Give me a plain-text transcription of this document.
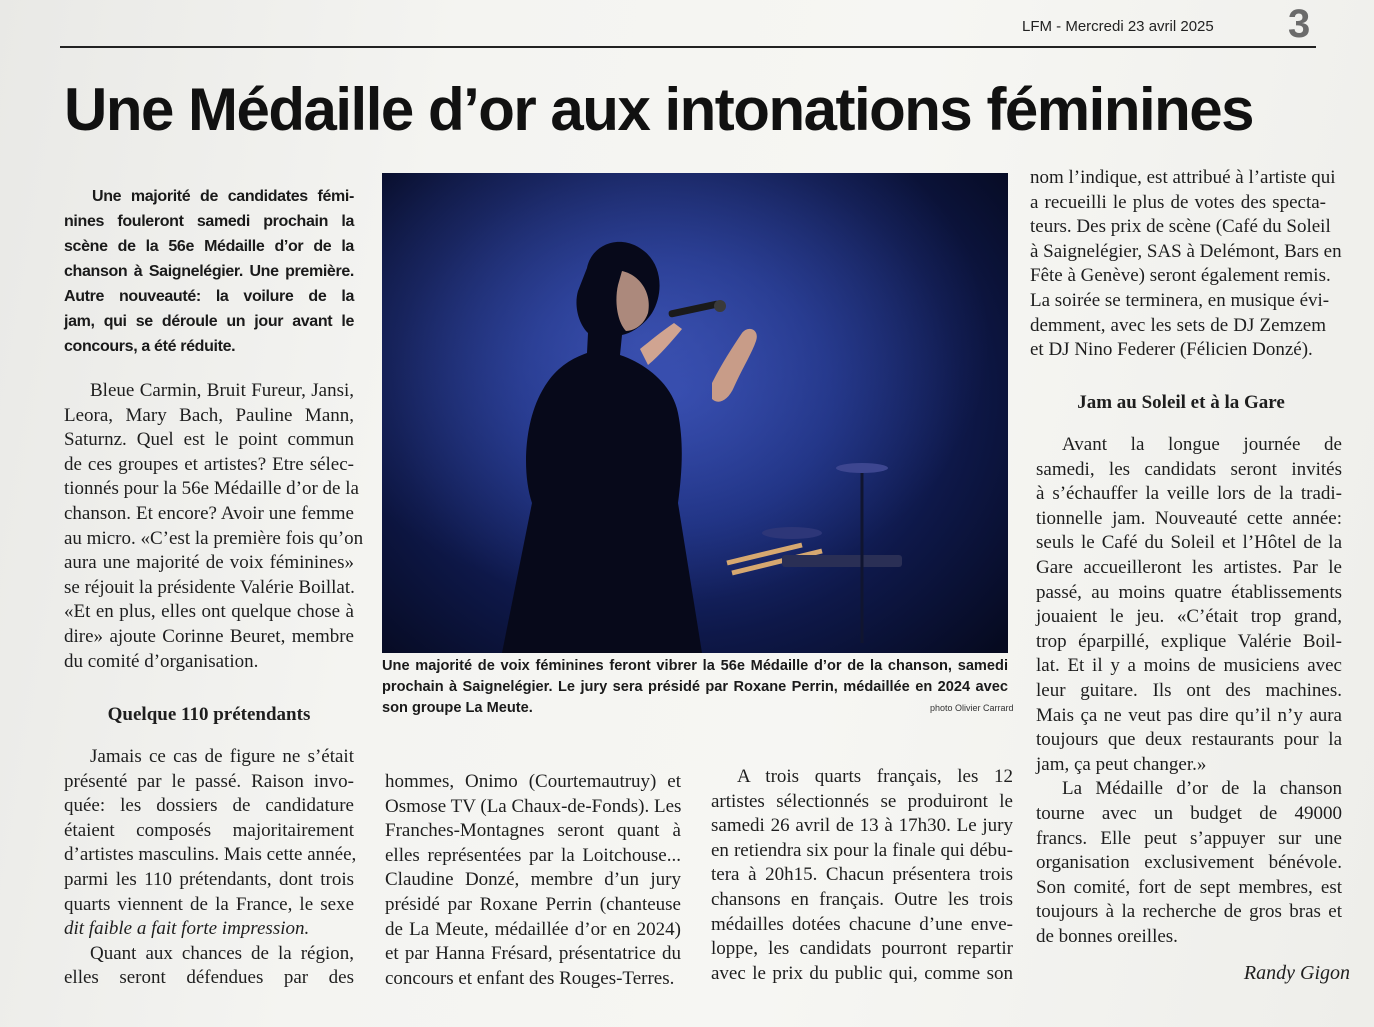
LFM - Mercredi 23 avril 2025 3
Une Médaille d’or aux intonations féminines
Une majorité de candidates fémi-
nines fouleront samedi prochain la
scène de la 56e Médaille d’or de la
chanson à Saignelégier. Une première.
Autre nouveauté: la voilure de la
jam, qui se déroule un jour avant le
concours, a été réduite.
Bleue Carmin, Bruit Fureur, Jansi,
Leora, Mary Bach, Pauline Mann,
Saturnz. Quel est le point commun
de ces groupes et artistes? Etre sélec-
tionnés pour la 56e Médaille d’or de la
chanson. Et encore? Avoir une femme
au micro. «C’est la première fois qu’on
aura une majorité de voix féminines»
se réjouit la présidente Valérie Boillat.
«Et en plus, elles ont quelque chose à
dire» ajoute Corinne Beuret, membre
du comité d’organisation.
Quelque 110 prétendants
Jamais ce cas de figure ne s’était
présenté par le passé. Raison invo-
quée: les dossiers de candidature
étaient composés majoritairement
d’artistes masculins. Mais cette année,
parmi les 110 prétendants, dont trois
quarts viennent de la France, le sexe
dit faible a fait forte impression.
Quant aux chances de la région,
elles seront défendues par des
Une majorité de voix féminines feront vibrer la 56e Médaille d’or de la chanson, samedi
prochain à Saignelégier. Le jury sera présidé par Roxane Perrin, médaillée en 2024 avec
son groupe La Meute.	photo Olivier Carrard
hommes, Onimo (Courtemautruy) et
Osmose TV (La Chaux-de-Fonds). Les
Franches-Montagnes seront quant à
elles représentées par la Loitchouse...
Claudine Donzé, membre d’un jury
présidé par Roxane Perrin (chanteuse
de La Meute, médaillée d’or en 2024)
et par Hanna Frésard, présentatrice du
concours et enfant des Rouges-Terres.
A trois quarts français, les 12
artistes sélectionnés se produiront le
samedi 26 avril de 13 à 17h30. Le jury
en retiendra six pour la finale qui débu-
tera à 20h15. Chacun présentera trois
chansons en français. Outre les trois
médailles dotées chacune d’une enve-
loppe, les candidats pourront repartir
avec le prix du public qui, comme son
nom l’indique, est attribué à l’artiste qui
a recueilli le plus de votes des specta-
teurs. Des prix de scène (Café du Soleil
à Saignelégier, SAS à Delémont, Bars en
Fête à Genève) seront également remis.
La soirée se terminera, en musique évi-
demment, avec les sets de DJ Zemzem
et DJ Nino Federer (Félicien Donzé).
Jam au Soleil et à la Gare
Avant la longue journée de
samedi, les candidats seront invités
à s’échauffer la veille lors de la tradi-
tionnelle jam. Nouveauté cette année:
seuls le Café du Soleil et l’Hôtel de la
Gare accueilleront les artistes. Par le
passé, au moins quatre établissements
jouaient le jeu. «C’était trop grand,
trop éparpillé, explique Valérie Boil-
lat. Et il y a moins de musiciens avec
leur guitare. Ils ont des machines.
Mais ça ne veut pas dire qu’il n’y aura
toujours que deux restaurants pour la
jam, ça peut changer.»
La Médaille d’or de la chanson
tourne avec un budget de 49000
francs. Elle peut s’appuyer sur une
organisation exclusivement bénévole.
Son comité, fort de sept membres, est
toujours à la recherche de gros bras et
de bonnes oreilles.
Randy Gigon
